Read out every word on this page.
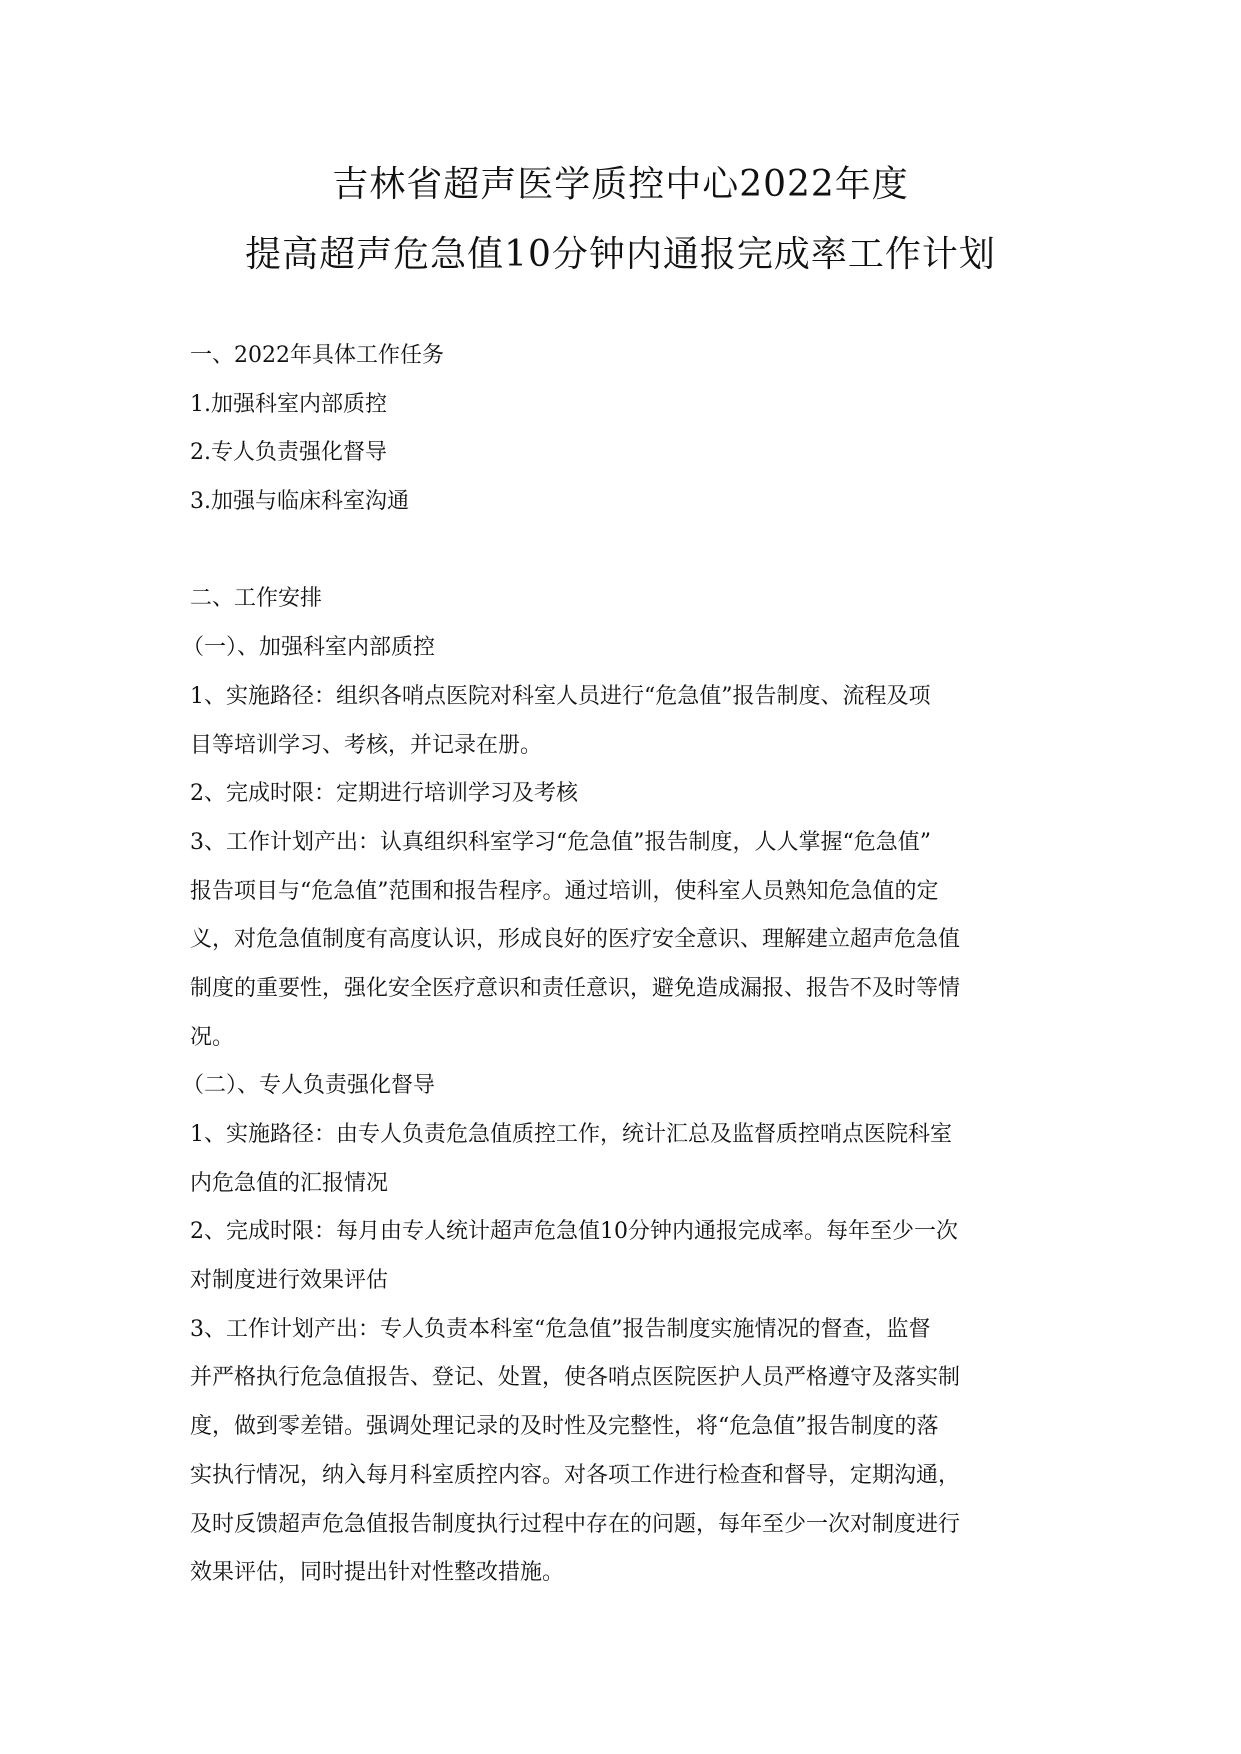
吉林省超声医学质控中心2022年度
提高超声危急值10分钟内通报完成率工作计划
一、2022年具体工作任务
1.加强科室内部质控
2.专人负责强化督导
3.加强与临床科室沟通
二、工作安排
（一）、加强科室内部质控
1、实施路径：组织各哨点医院对科室人员进行“危急值”报告制度、流程及项
目等培训学习、考核，并记录在册。
2、完成时限：定期进行培训学习及考核
3、工作计划产出：认真组织科室学习“危急值”报告制度，人人掌握“危急值”
报告项目与“危急值”范围和报告程序。通过培训，使科室人员熟知危急值的定
义，对危急值制度有高度认识，形成良好的医疗安全意识、理解建立超声危急值
制度的重要性，强化安全医疗意识和责任意识，避免造成漏报、报告不及时等情
况。
（二）、专人负责强化督导
1、实施路径：由专人负责危急值质控工作，统计汇总及监督质控哨点医院科室
内危急值的汇报情况
2、完成时限：每月由专人统计超声危急值10分钟内通报完成率。每年至少一次
对制度进行效果评估
3、工作计划产出：专人负责本科室“危急值”报告制度实施情况的督查，监督
并严格执行危急值报告、登记、处置，使各哨点医院医护人员严格遵守及落实制
度，做到零差错。强调处理记录的及时性及完整性，将“危急值”报告制度的落
实执行情况，纳入每月科室质控内容。对各项工作进行检查和督导，定期沟通，
及时反馈超声危急值报告制度执行过程中存在的问题，每年至少一次对制度进行
效果评估，同时提出针对性整改措施。
